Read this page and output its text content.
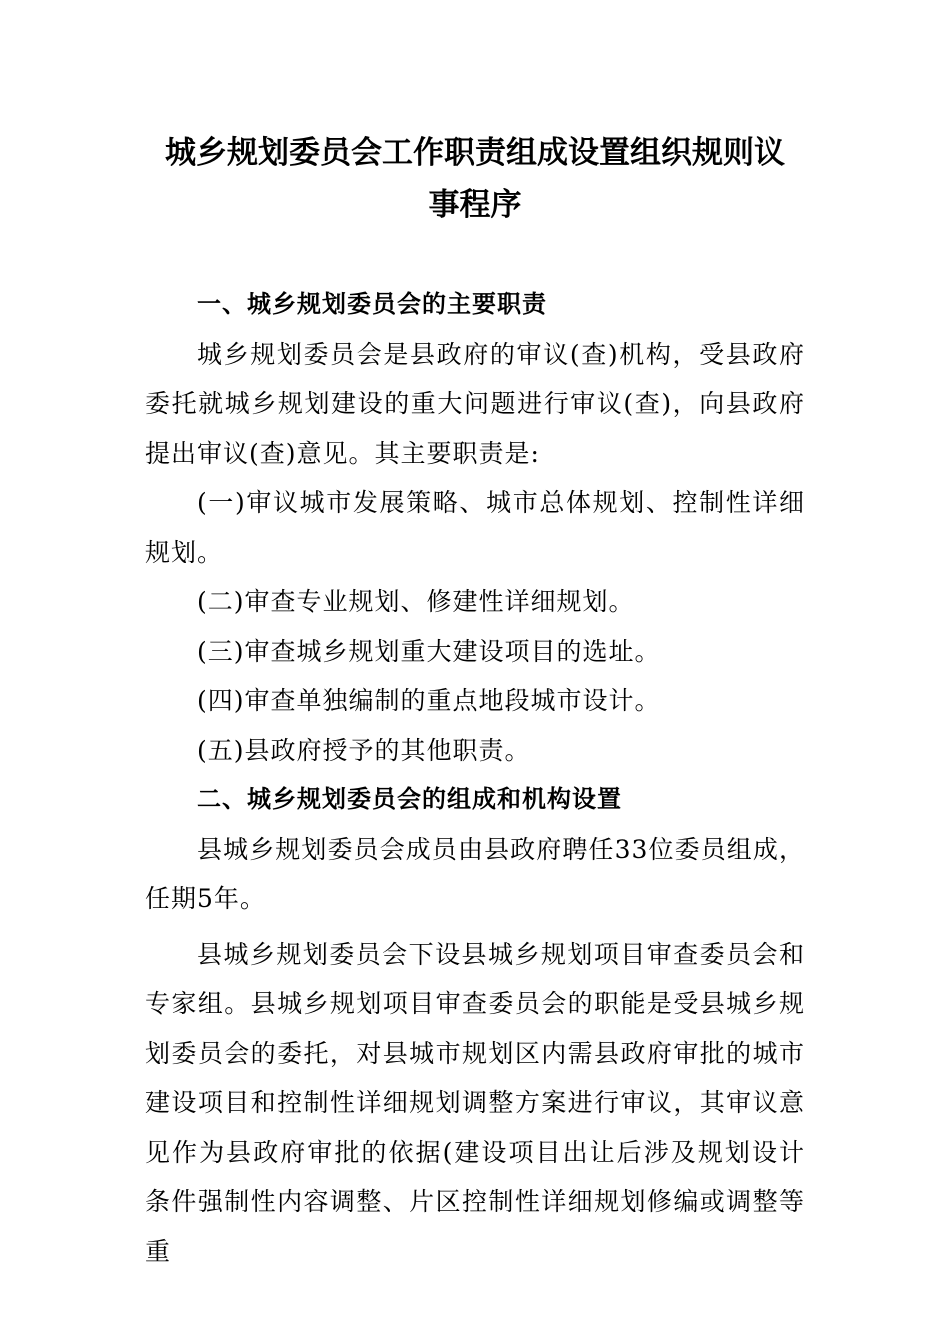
城乡规划委员会工作职责组成设置组织规则议
事程序

一、城乡规划委员会的主要职责

城乡规划委员会是县政府的审议(查)机构，受县政府委托就城乡规划建设的重大问题进行审议(查)，向县政府提出审议(查)意见。其主要职责是:

(一)审议城市发展策略、城市总体规划、控制性详细规划。

(二)审查专业规划、修建性详细规划。

(三)审查城乡规划重大建设项目的选址。

(四)审查单独编制的重点地段城市设计。

(五)县政府授予的其他职责。

二、城乡规划委员会的组成和机构设置

县城乡规划委员会成员由县政府聘任33位委员组成，任期5年。

县城乡规划委员会下设县城乡规划项目审查委员会和专家组。县城乡规划项目审查委员会的职能是受县城乡规划委员会的委托，对县城市规划区内需县政府审批的城市建设项目和控制性详细规划调整方案进行审议，其审议意见作为县政府审批的依据(建设项目出让后涉及规划设计条件强制性内容调整、片区控制性详细规划修编或调整等重
